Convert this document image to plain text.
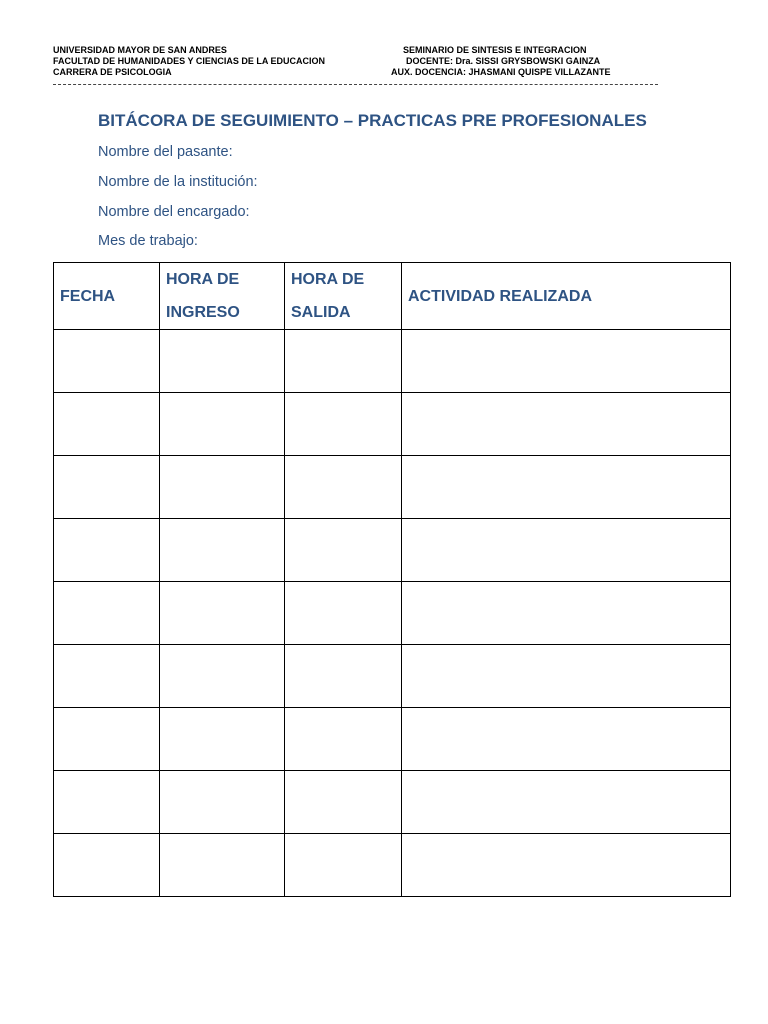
UNIVERSIDAD MAYOR DE SAN ANDRES
FACULTAD DE HUMANIDADES Y CIENCIAS DE LA EDUCACION
CARRERA DE PSICOLOGIA
SEMINARIO DE SINTESIS E INTEGRACION
DOCENTE: Dra. SISSI GRYSBOWSKI GAINZA
AUX. DOCENCIA: JHASMANI QUISPE VILLAZANTE
BITÁCORA DE SEGUIMIENTO – PRACTICAS PRE PROFESIONALES
Nombre del pasante:
Nombre de la institución:
Nombre del encargado:
Mes de trabajo:
FECHA	HORA DE INGRESO	HORA DE SALIDA	ACTIVIDAD REALIZADA
